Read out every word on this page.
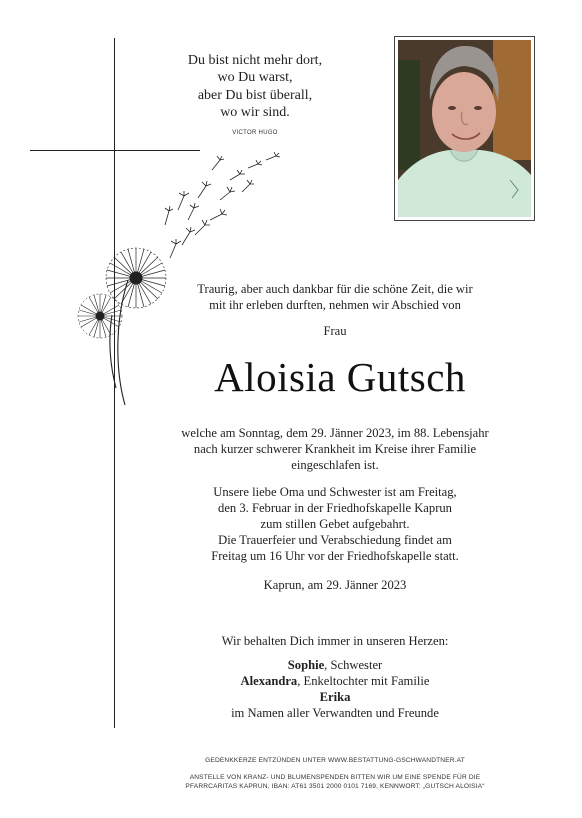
Du bist nicht mehr dort,
wo Du warst,
aber Du bist überall,
wo wir sind.
VICTOR HUGO
Traurig, aber auch dankbar für die schöne Zeit, die wir
mit ihr erleben durften, nehmen wir Abschied von
Frau
Aloisia Gutsch
welche am Sonntag, dem 29. Jänner 2023, im 88. Lebensjahr
nach kurzer schwerer Krankheit im Kreise ihrer Familie
eingeschlafen ist.
Unsere liebe Oma und Schwester ist am Freitag,
den 3. Februar in der Friedhofskapelle Kaprun
zum stillen Gebet aufgebahrt.
Die Trauerfeier und Verabschiedung findet am
Freitag um 16 Uhr vor der Friedhofskapelle statt.
Kaprun, am 29. Jänner 2023
Wir behalten Dich immer in unseren Herzen:
Sophie, Schwester
Alexandra, Enkeltochter mit Familie
Erika
im Namen aller Verwandten und Freunde
GEDENKKERZE ENTZÜNDEN UNTER WWW.BESTATTUNG-GSCHWANDTNER.AT
ANSTELLE VON KRANZ- UND BLUMENSPENDEN BITTEN WIR UM EINE SPENDE FÜR DIE
PFARRCARITAS KAPRUN, IBAN: AT61 3501 2000 0101 7169, KENNWORT: „GUTSCH ALOISIA“
